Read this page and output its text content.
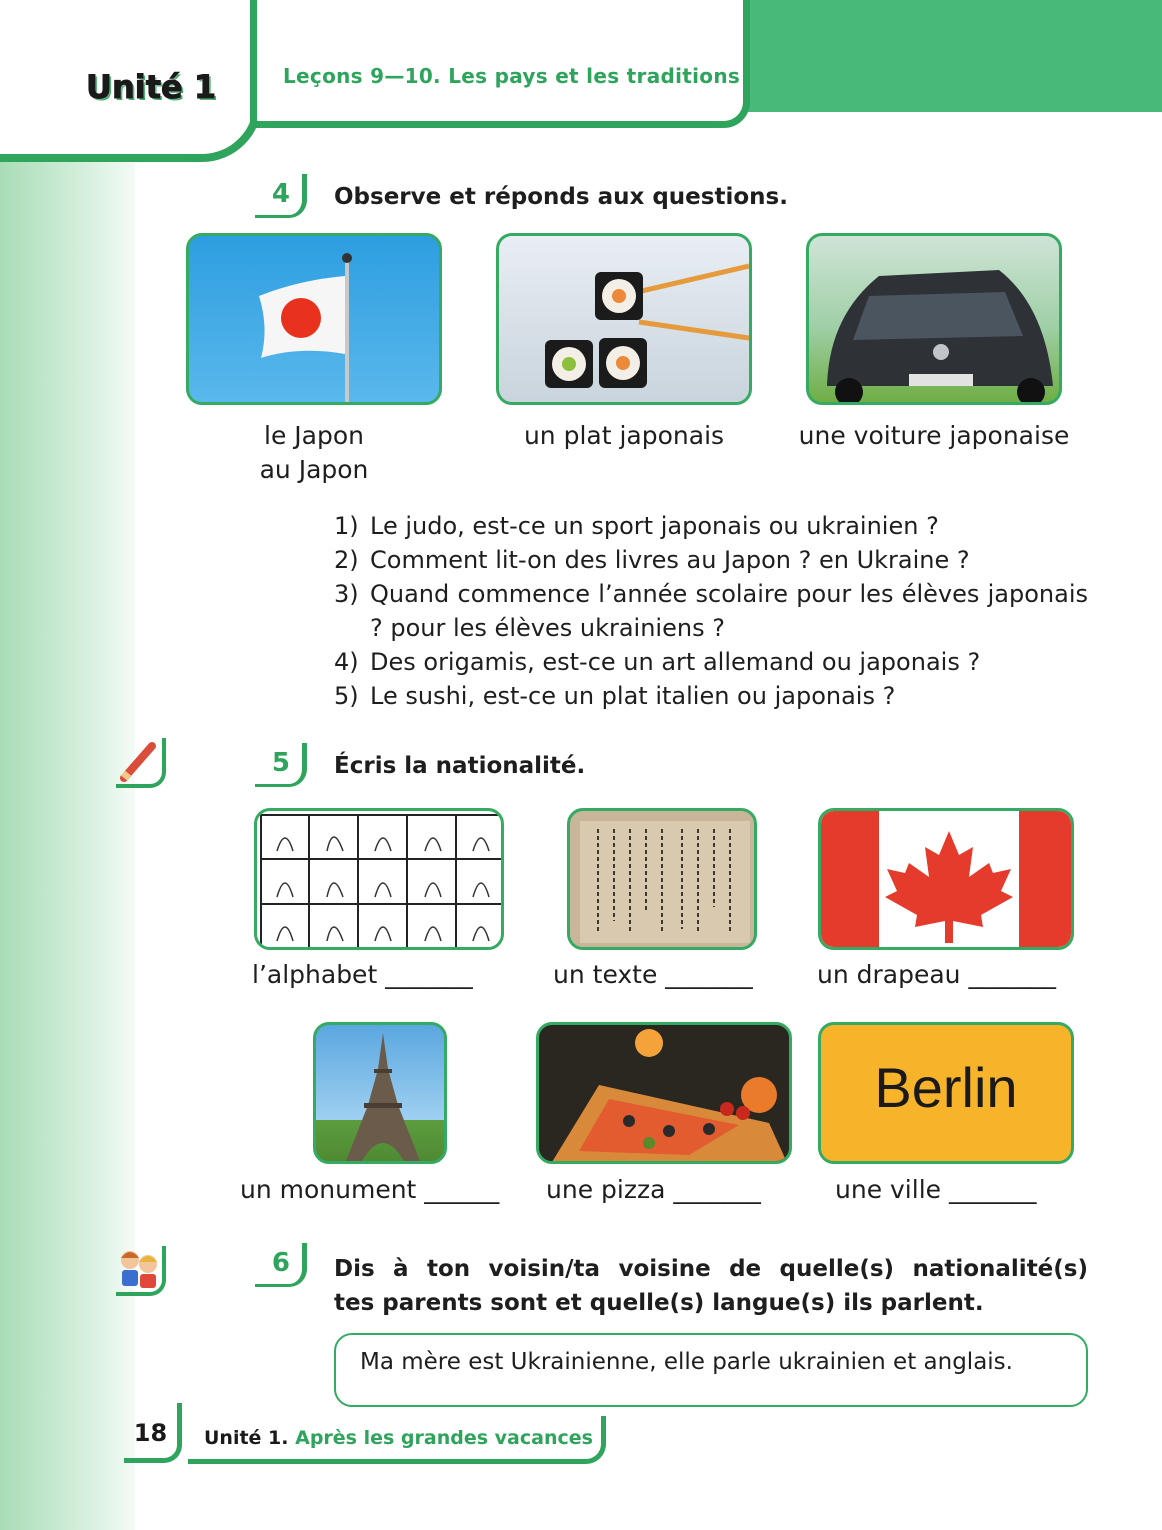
Unité 1	Leçons 9—10. Les pays et les traditions
4	Observe et réponds aux questions.
le Japon
au Japon
un plat japonais	une voiture japonaise
1) Le judo, est-ce un sport japonais ou ukrainien ?
2) Comment lit-on des livres au Japon ? en Ukraine ?
3) Quand commence l’année scolaire pour les élèves japonais ? pour les élèves ukrainiens ?
4) Des origamis, est-ce un art allemand ou japonais ?
5) Le sushi, est-ce un plat italien ou japonais ?
5	Écris la nationalité.
l’alphabet _______	un texte _______	un drapeau _______
Berlin
un monument ______	une pizza _______	une ville _______
6	Dis à ton voisin/ta voisine de quelle(s) nationalité(s)
tes parents sont et quelle(s) langue(s) ils parlent.
Ma mère est Ukrainienne, elle parle ukrainien et anglais.
18	Unité 1. Après les grandes vacances
